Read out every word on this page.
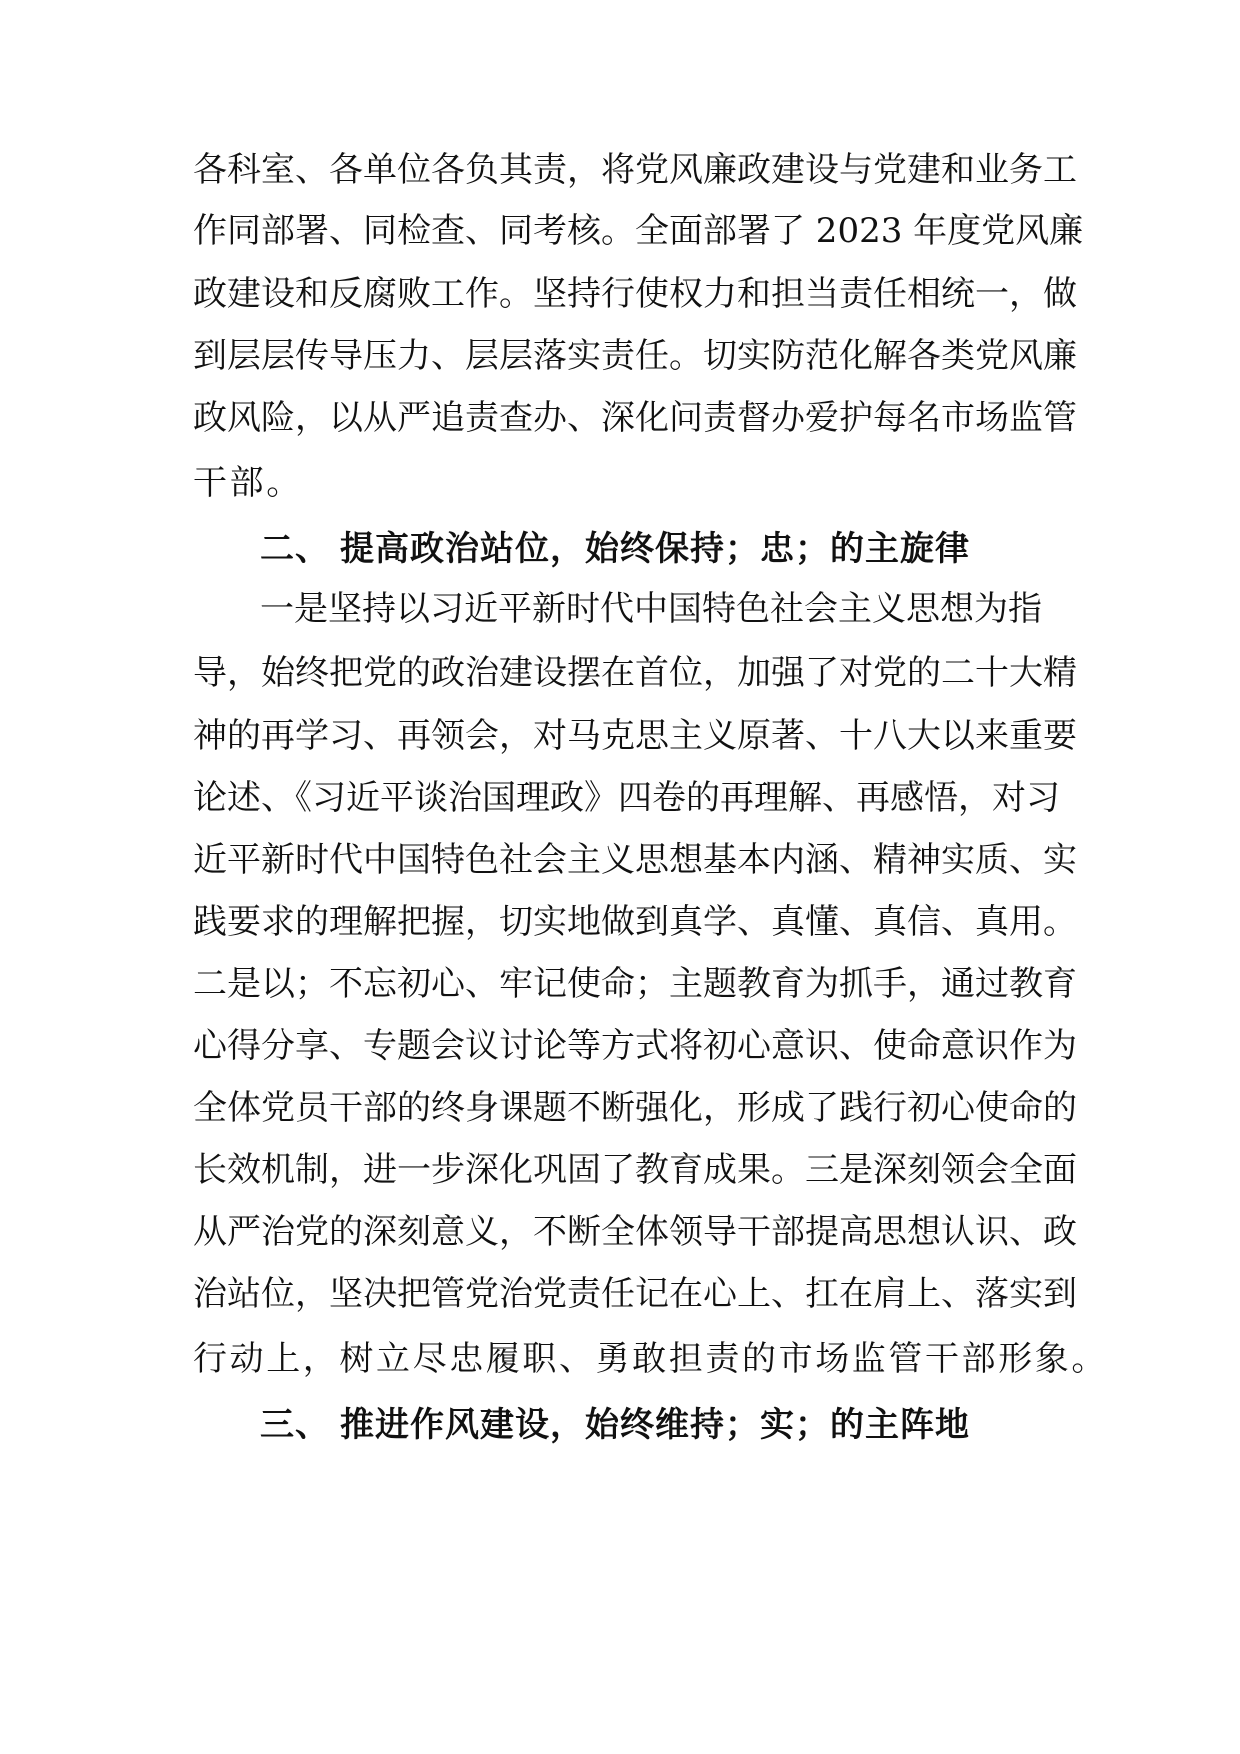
各科室、各单位各负其责，将党风廉政建设与党建和业务工
作同部署、同检查、同考核。全面部署了 2023 年度党风廉
政建设和反腐败工作。坚持行使权力和担当责任相统一，做
到层层传导压力、层层落实责任。切实防范化解各类党风廉
政风险，以从严追责查办、深化问责督办爱护每名市场监管
干部。
二、 提高政治站位，始终保持；忠；的主旋律
一是坚持以习近平新时代中国特色社会主义思想为指
导，始终把党的政治建设摆在首位，加强了对党的二十大精
神的再学习、再领会，对马克思主义原著、十八大以来重要
论述、《习近平谈治国理政》四卷的再理解、再感悟，对习
近平新时代中国特色社会主义思想基本内涵、精神实质、实
践要求的理解把握，切实地做到真学、真懂、真信、真用。
二是以；不忘初心、牢记使命；主题教育为抓手，通过教育
心得分享、专题会议讨论等方式将初心意识、使命意识作为
全体党员干部的终身课题不断强化，形成了践行初心使命的
长效机制，进一步深化巩固了教育成果。三是深刻领会全面
从严治党的深刻意义，不断全体领导干部提高思想认识、政
治站位，坚决把管党治党责任记在心上、扛在肩上、落实到
行动上，树立尽忠履职、勇敢担责的市场监管干部形象。
三、 推进作风建设，始终维持；实；的主阵地
